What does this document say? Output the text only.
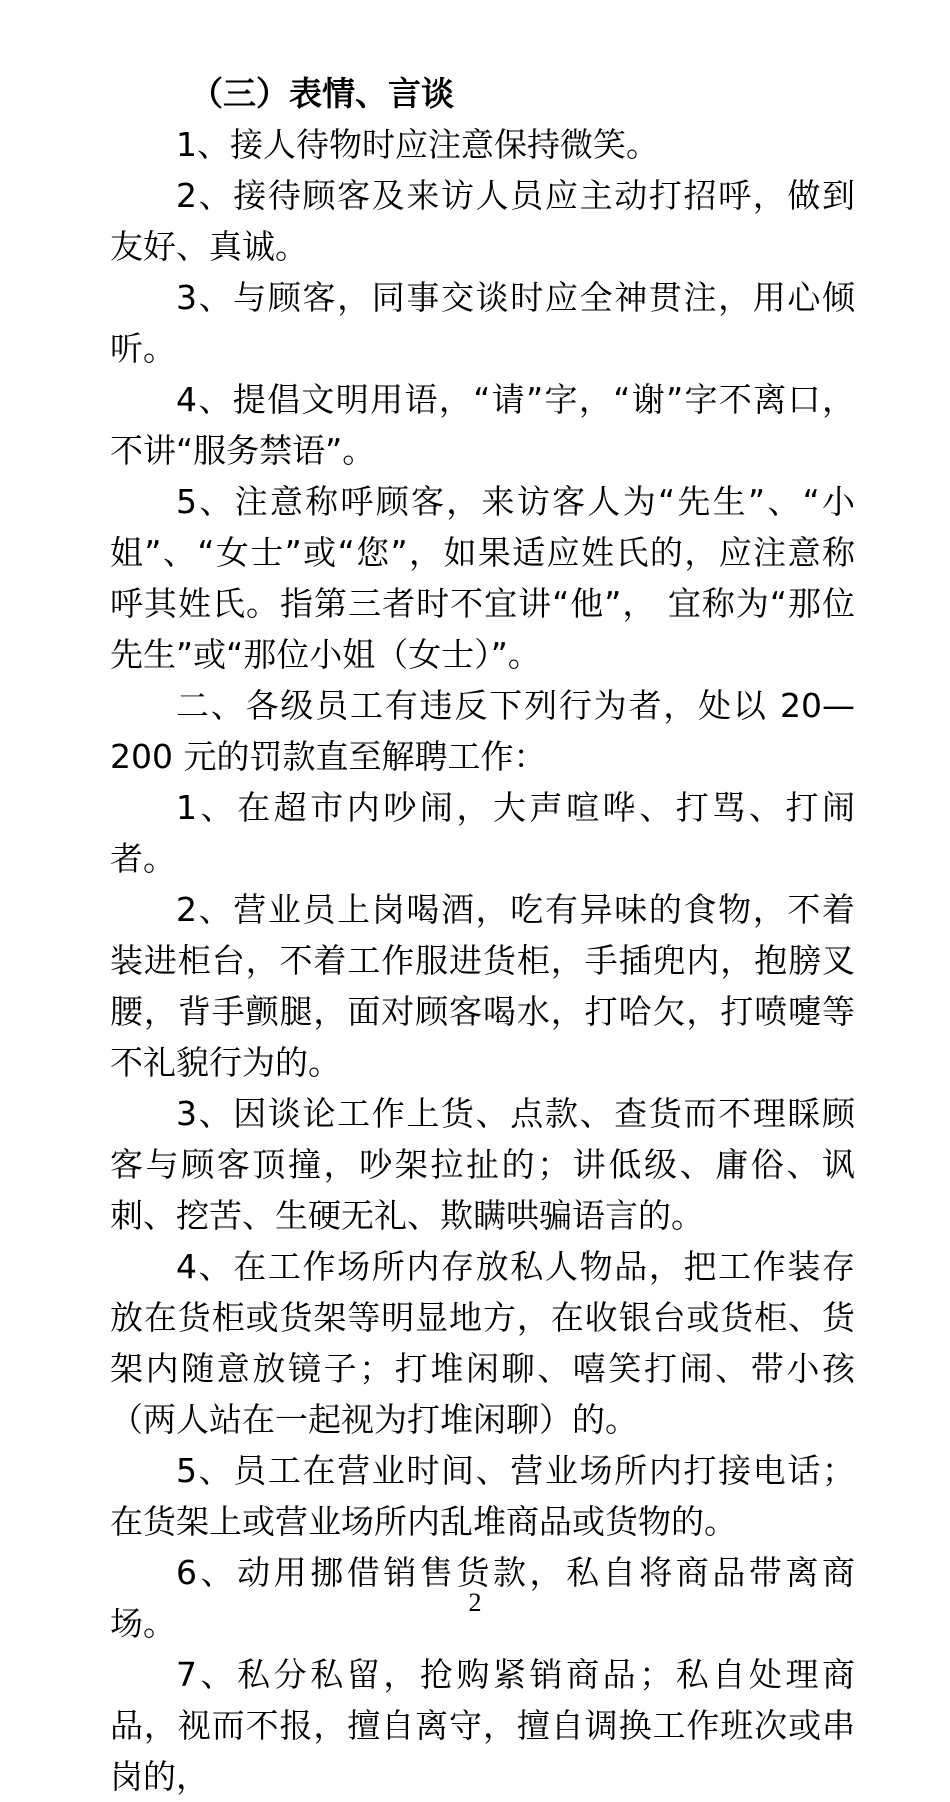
（三）表情、言谈

1、接人待物时应注意保持微笑。

2、接待顾客及来访人员应主动打招呼，做到友好、真诚。

3、与顾客，同事交谈时应全神贯注，用心倾听。

4、提倡文明用语，“请”字，“谢”字不离口，不讲“服务禁语”。

5、注意称呼顾客，来访客人为“先生”、“小姐”、“女士”或“您”，如果适应姓氏的，应注意称呼其姓氏。指第三者时不宜讲“他”， 宜称为“那位先生”或“那位小姐（女士）”。

二、各级员工有违反下列行为者，处以 20—200 元的罚款直至解聘工作：

1、在超市内吵闹，大声喧哗、打骂、打闹者。

2、营业员上岗喝酒，吃有异味的食物，不着装进柜台，不着工作服进货柜，手插兜内，抱膀叉腰，背手颤腿，面对顾客喝水，打哈欠，打喷嚏等不礼貌行为的。

3、因谈论工作上货、点款、查货而不理睬顾客与顾客顶撞，吵架拉扯的；讲低级、庸俗、讽刺、挖苦、生硬无礼、欺瞒哄骗语言的。

4、在工作场所内存放私人物品，把工作装存放在货柜或货架等明显地方，在收银台或货柜、货架内随意放镜子；打堆闲聊、嘻笑打闹、带小孩（两人站在一起视为打堆闲聊）的。

5、员工在营业时间、营业场所内打接电话；在货架上或营业场所内乱堆商品或货物的。

6、动用挪借销售货款，私自将商品带离商场。

7、私分私留，抢购紧销商品；私自处理商品，视而不报，擅自离守，擅自调换工作班次或串岗的，

2
